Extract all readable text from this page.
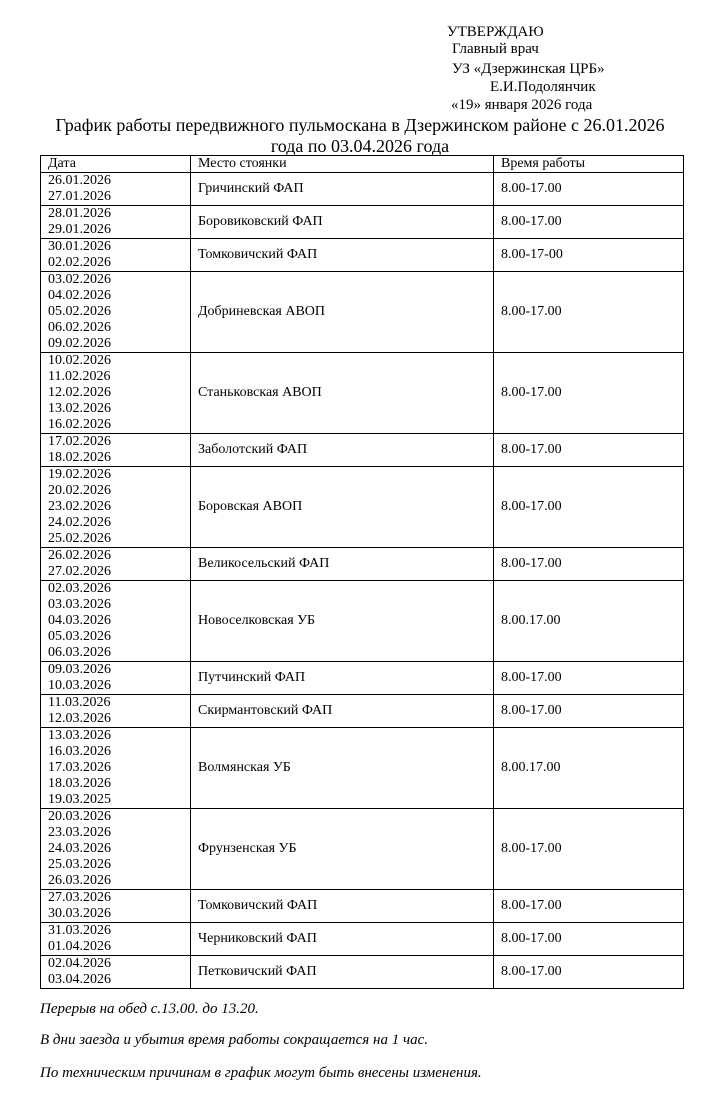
УТВЕРЖДАЮ
Главный врач
УЗ «Дзержинская ЦРБ»
Е.И.Подолянчик
«19» января 2026 года
График работы передвижного пульмоскана в Дзержинском районе с 26.01.2026
года по 03.04.2026 года
Дата	Место стоянки	Время работы

26.01.2026
27.01.2026	Гричинский ФАП	8.00-17.00

28.01.2026
29.01.2026	Боровиковский ФАП	8.00-17.00

30.01.2026
02.02.2026	Томковичский ФАП	8.00-17-00

03.02.2026
04.02.2026
05.02.2026
06.02.2026
09.02.2026	Добриневская АВОП	8.00-17.00

10.02.2026
11.02.2026
12.02.2026
13.02.2026
16.02.2026	Станьковская АВОП	8.00-17.00

17.02.2026
18.02.2026	Заболотский ФАП	8.00-17.00

19.02.2026
20.02.2026
23.02.2026
24.02.2026
25.02.2026	Боровская АВОП	8.00-17.00

26.02.2026
27.02.2026	Великосельский ФАП	8.00-17.00

02.03.2026
03.03.2026
04.03.2026
05.03.2026
06.03.2026	Новоселковская УБ	8.00.17.00

09.03.2026
10.03.2026	Путчинский ФАП	8.00-17.00

11.03.2026
12.03.2026	Скирмантовский ФАП	8.00-17.00

13.03.2026
16.03.2026
17.03.2026
18.03.2026
19.03.2025	Волмянская УБ	8.00.17.00

20.03.2026
23.03.2026
24.03.2026
25.03.2026
26.03.2026	Фрунзенская УБ	8.00-17.00

27.03.2026
30.03.2026	Томковичский ФАП	8.00-17.00

31.03.2026
01.04.2026	Черниковский ФАП	8.00-17.00

02.04.2026
03.04.2026	Петковичский ФАП	8.00-17.00
Перерыв на обед с.13.00. до 13.20.
В дни заезда и убытия время работы сокращается на 1 час.
По техническим причинам в график могут быть внесены изменения.
